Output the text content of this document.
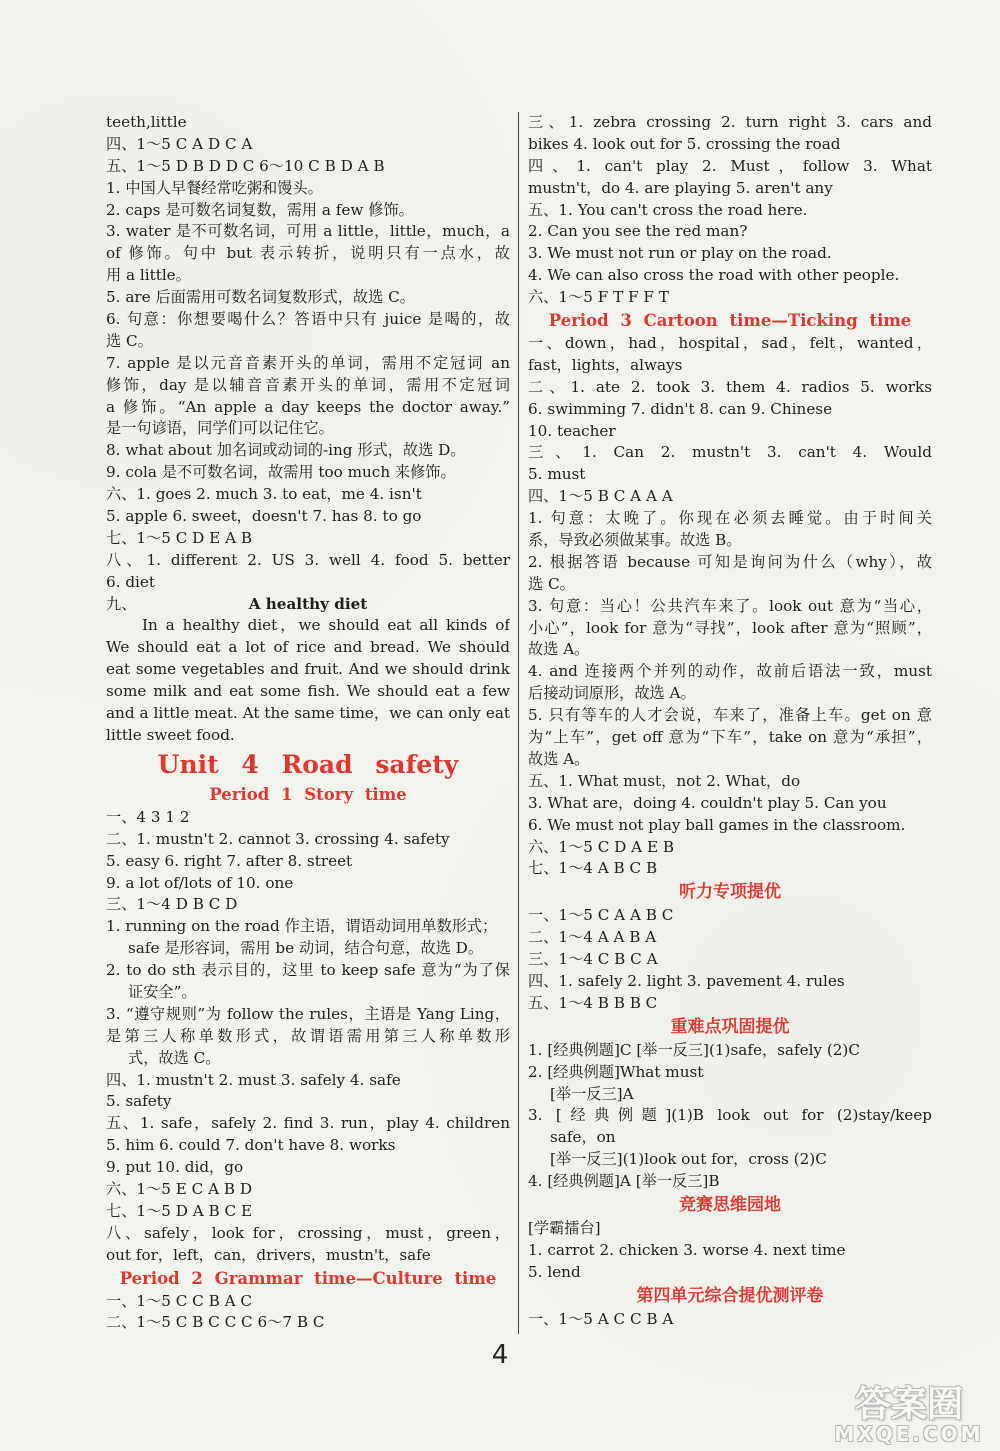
teeth,little
四、1～5 C A D C A
五、1～5 D B D D C 6～10 C B D A B
1. 中国人早餐经常吃粥和馒头。
2. caps 是可数名词复数，需用 a few 修饰。
3. water 是不可数名词，可用 a little，little，much，a
of 修饰。句中 but 表示转折，说明只有一点水，故
用 a little。
5. are 后面需用可数名词复数形式，故选 C。
6. 句意：你想要喝什么？答语中只有 juice 是喝的，故
选 C。
7. apple 是以元音音素开头的单词，需用不定冠词 an
修饰，day 是以辅音音素开头的单词，需用不定冠词
a 修饰。“An apple a day keeps the doctor away.”
是一句谚语，同学们可以记住它。
8. what about 加名词或动词的-ing 形式，故选 D。
9. cola 是不可数名词，故需用 too much 来修饰。
六、1. goes 2. much 3. to eat，me 4. isn't
5. apple 6. sweet，doesn't 7. has 8. to go
七、1～5 C D E A B
八、1. different 2. US 3. well 4. food 5. better
6. diet
九、	A healthy diet
In a healthy diet，we should eat all kinds of
We should eat a lot of rice and bread. We should
eat some vegetables and fruit. And we should drink
some milk and eat some fish. We should eat a few
and a little meat. At the same time，we can only eat
little sweet food.
Unit 4 Road safety
Period 1 Story time
一、4 3 1 2
二、1. mustn't 2. cannot 3. crossing 4. safety
5. easy 6. right 7. after 8. street
9. a lot of/lots of 10. one
三、1～4 D B C D
1. running on the road 作主语，谓语动词用单数形式；
safe 是形容词，需用 be 动词，结合句意，故选 D。
2. to do sth 表示目的，这里 to keep safe 意为“为了保
证安全”。
3. “遵守规则”为 follow the rules，主语是 Yang Ling，
是第三人称单数形式，故谓语需用第三人称单数形
式，故选 C。
四、1. mustn't 2. must 3. safely 4. safe
5. safety
五、1. safe，safely 2. find 3. run，play 4. children
5. him 6. could 7. don't have 8. works
9. put 10. did，go
六、1～5 E C A B D
七、1～5 D A B C E
八、safely，look for，crossing，must，green，
out for，left，can，drivers，mustn't，safe
Period 2 Grammar time—Culture time
一、1～5 C C B A C
二、1～5 C B C C C 6～7 B C
三、1. zebra crossing 2. turn right 3. cars and
bikes 4. look out for 5. crossing the road
四、1. can't play 2. Must，follow 3. What
mustn't，do 4. are playing 5. aren't any
五、1. You can't cross the road here.
2. Can you see the red man?
3. We must not run or play on the road.
4. We can also cross the road with other people.
六、1～5 F T F F T
Period 3 Cartoon time—Ticking time
一、down，had，hospital，sad，felt，wanted，
fast，lights，always
二、1. ate 2. took 3. them 4. radios 5. works
6. swimming 7. didn't 8. can 9. Chinese
10. teacher
三、1. Can 2. mustn't 3. can't 4. Would
5. must
四、1～5 B C A A A
1. 句意：太晚了。你现在必须去睡觉。由于时间关
系，导致必须做某事。故选 B。
2. 根据答语 because 可知是询问为什么（why），故
选 C。
3. 句意：当心！公共汽车来了。look out 意为“当心，
小心”，look for 意为“寻找”，look after 意为“照顾”，
故选 A。
4. and 连接两个并列的动作，故前后语法一致，must
后接动词原形，故选 A。
5. 只有等车的人才会说，车来了，准备上车。get on 意
为“上车”，get off 意为“下车”，take on 意为“承担”，
故选 A。
五、1. What must，not 2. What，do
3. What are，doing 4. couldn't play 5. Can you
6. We must not play ball games in the classroom.
六、1～5 C D A E B
七、1～4 A B C B
听力专项提优
一、1～5 C A A B C
二、1～4 A A B A
三、1～4 C B C A
四、1. safely 2. light 3. pavement 4. rules
五、1～4 B B B C
重难点巩固提优
1. [经典例题]C [举一反三](1)safe，safely (2)C
2. [经典例题]What must
[举一反三]A
3. [经典例题](1)B look out for (2)stay/keep
safe，on
[举一反三](1)look out for，cross (2)C
4. [经典例题]A [举一反三]B
竞赛思维园地
[学霸擂台]
1. carrot 2. chicken 3. worse 4. next time
5. lend
第四单元综合提优测评卷
一、1～5 A C C B A
4
答案圈
MXQE.COM
